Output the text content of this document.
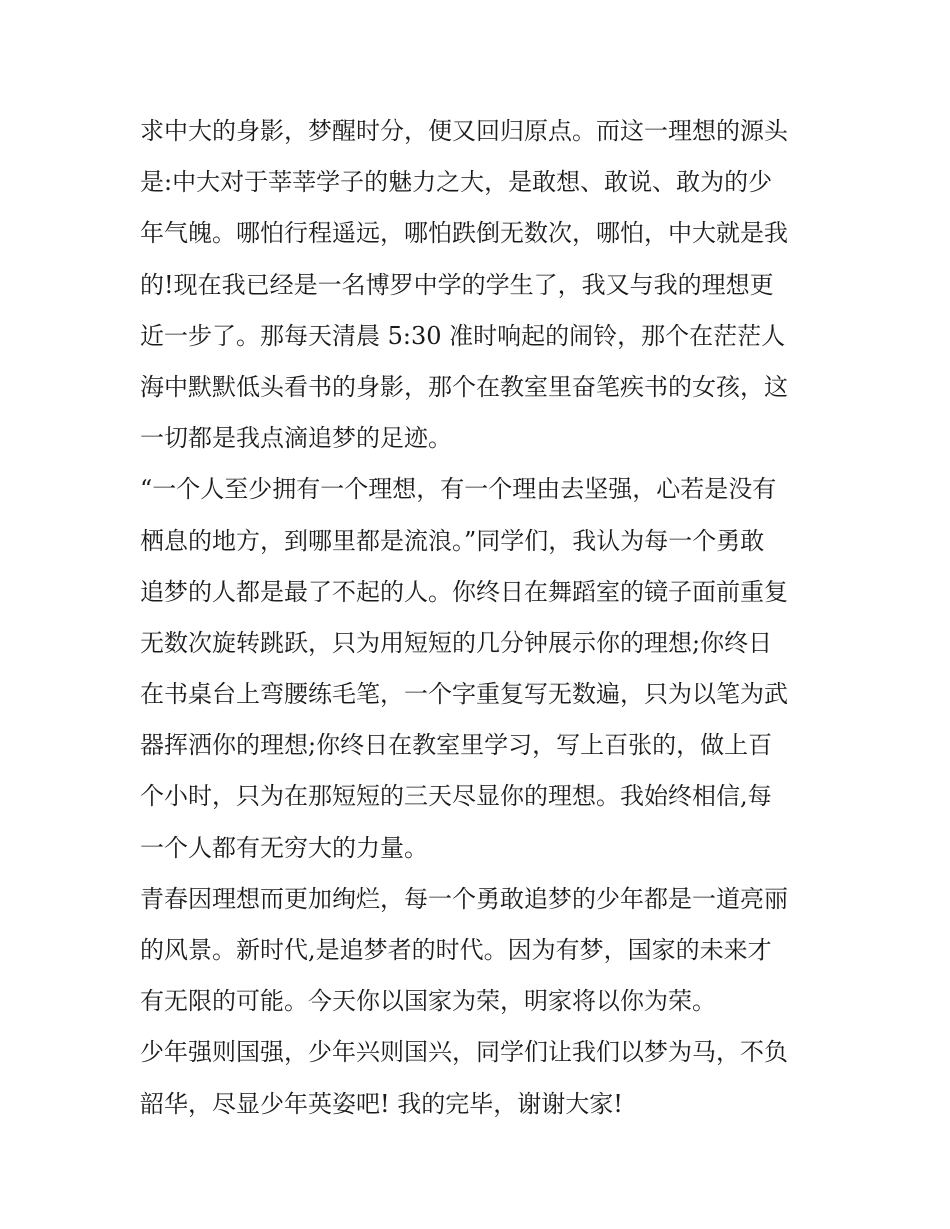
求中大的身影，梦醒时分，便又回归原点。而这一理想的源头
是:中大对于莘莘学子的魅力之大，是敢想、敢说、敢为的少
年气魄。哪怕行程遥远，哪怕跌倒无数次，哪怕，中大就是我
的!现在我已经是一名博罗中学的学生了，我又与我的理想更
近一步了。那每天清晨 5:30 准时响起的闹铃，那个在茫茫人
海中默默低头看书的身影，那个在教室里奋笔疾书的女孩，这
一切都是我点滴追梦的足迹。
“一个人至少拥有一个理想，有一个理由去坚强，心若是没有
栖息的地方，到哪里都是流浪。”同学们，我认为每一个勇敢
追梦的人都是最了不起的人。你终日在舞蹈室的镜子面前重复
无数次旋转跳跃，只为用短短的几分钟展示你的理想;你终日
在书桌台上弯腰练毛笔，一个字重复写无数遍，只为以笔为武
器挥洒你的理想;你终日在教室里学习，写上百张的，做上百
个小时，只为在那短短的三天尽显你的理想。我始终相信,每
一个人都有无穷大的力量。
青春因理想而更加绚烂，每一个勇敢追梦的少年都是一道亮丽
的风景。新时代,是追梦者的时代。因为有梦，国家的未来才
有无限的可能。今天你以国家为荣，明家将以你为荣。
少年强则国强，少年兴则国兴，同学们让我们以梦为马，不负
韶华，尽显少年英姿吧! 我的完毕，谢谢大家!
